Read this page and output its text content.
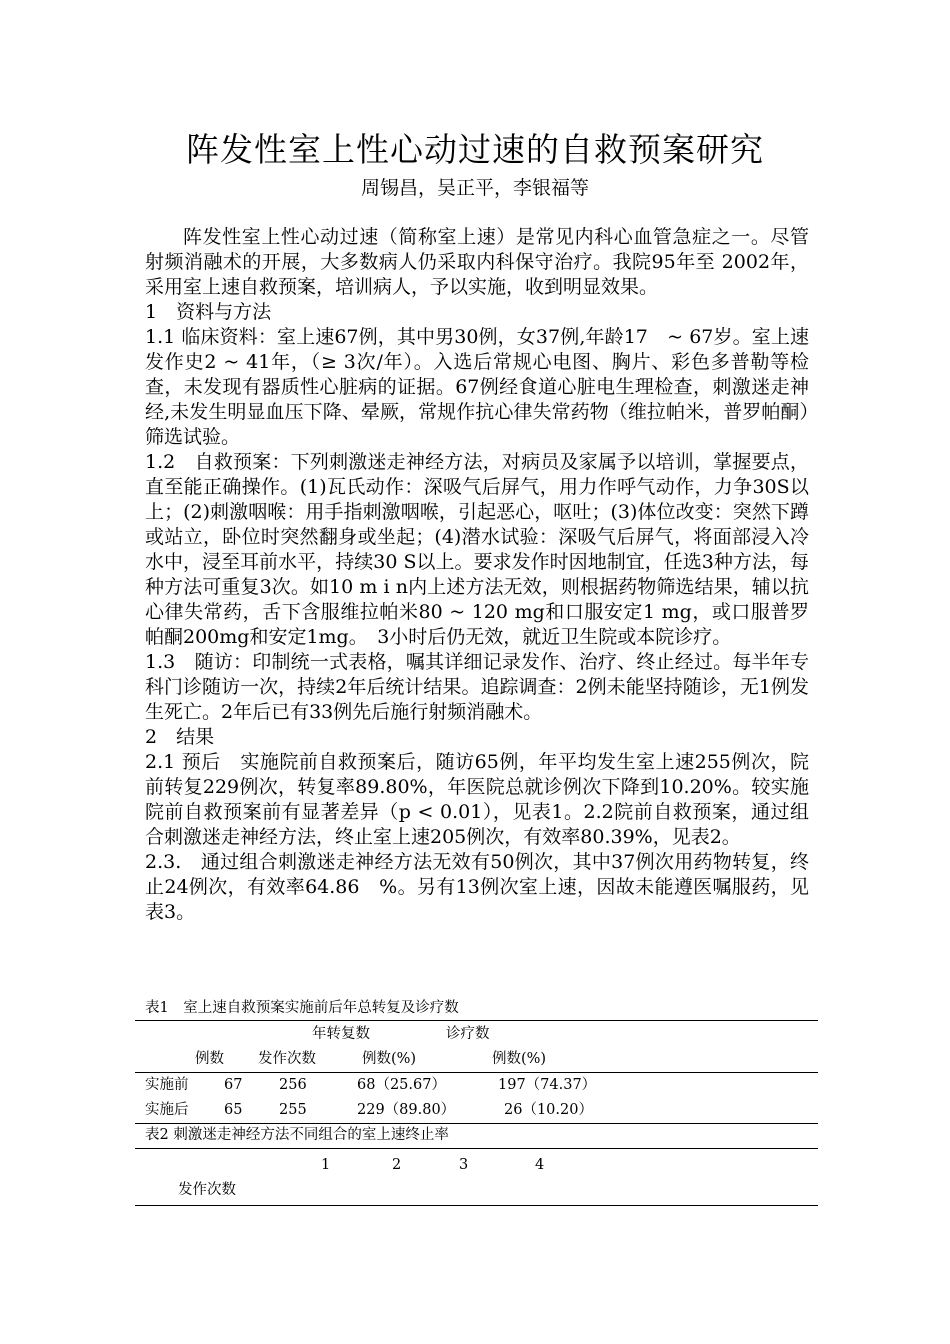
阵发性室上性心动过速的自救预案研究
周锡昌，吴正平，李银福等

阵发性室上性心动过速（简称室上速）是常见内科心血管急症之一。尽管射频消融术的开展，大多数病人仍采取内科保守治疗。我院95年至 2002年，采用室上速自救预案，培训病人，予以实施，收到明显效果。

1　资料与方法

1.1 临床资料：室上速67例，其中男30例，女37例,年龄17　~ 67岁。室上速发作史2 ~ 41年，（≥ 3次/年）。入选后常规心电图、胸片、彩色多普勒等检查，未发现有器质性心脏病的证据。67例经食道心脏电生理检查，刺激迷走神经,未发生明显血压下降、晕厥，常规作抗心律失常药物（维拉帕米，普罗帕酮）筛选试验。

1.2　自救预案：下列刺激迷走神经方法，对病员及家属予以培训，掌握要点，直至能正确操作。(1)瓦氏动作：深吸气后屏气，用力作呼气动作，力争30S以上；(2)刺激咽喉：用手指刺激咽喉，引起恶心，呕吐；(3)体位改变：突然下蹲或站立，卧位时突然翻身或坐起；(4)潜水试验：深吸气后屏气，将面部浸入冷水中，浸至耳前水平，持续30 S以上。要求发作时因地制宜，任选3种方法，每种方法可重复3次。如10 m i n内上述方法无效，则根据药物筛选结果，辅以抗心律失常药，舌下含服维拉帕米80 ~ 120 mg和口服安定1 mg，或口服普罗帕酮200mg和安定1mg。　3小时后仍无效，就近卫生院或本院诊疗。

1.3　随访：印制统一式表格，嘱其详细记录发作、治疗、终止经过。每半年专科门诊随访一次，持续2年后统计结果。追踪调查：2例未能坚持随诊，无1例发生死亡。2年后已有33例先后施行射频消融术。

2　结果

2.1 预后　实施院前自救预案后，随访65例，年平均发生室上速255例次，院前转复229例次，转复率89.80%，年医院总就诊例次下降到10.20%。较实施院前自救预案前有显著差异（p < 0.01），见表1。2.2院前自救预案，通过组合刺激迷走神经方法，终止室上速205例次，有效率80.39%，见表2。

2.3.　通过组合刺激迷走神经方法无效有50例次，其中37例次用药物转复，终止24例次，有效率64.86　%。另有13例次室上速，因故未能遵医嘱服药，见表3。

表1　室上速自救预案实施前后年总转复及诊疗数
年转复数	诊疗数
例数 发作次数	例数(%)	例数(%)
实施前 67	256	68（25.67）	197（74.37）
实施后 65	255	229（89.80）	26（10.20）
表2 刺激迷走神经方法不同组合的室上速终止率
1	2	3	4
发作次数
